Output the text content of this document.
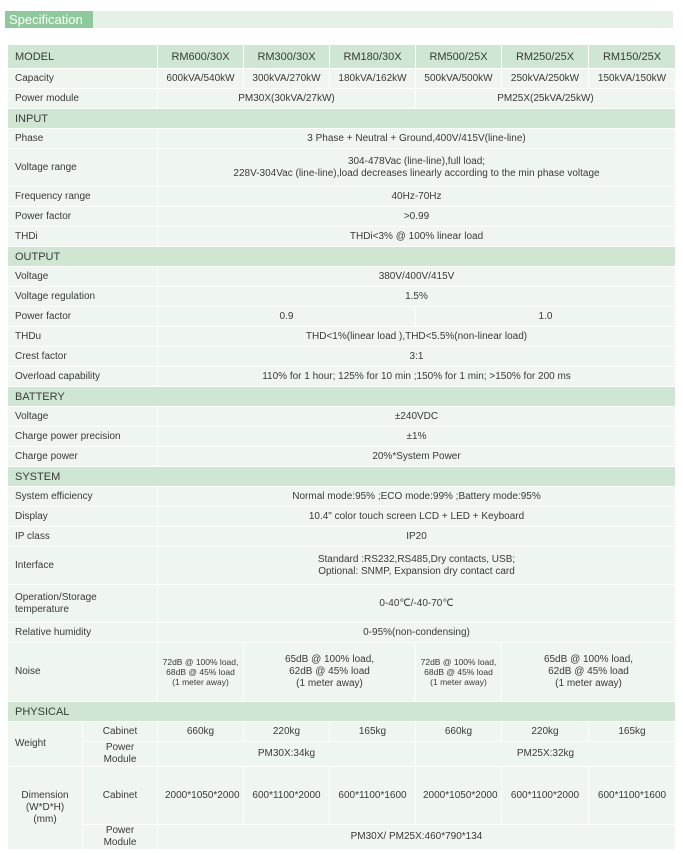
Specification
MODEL		RM600/30X	RM300/30X	RM180/30X	RM500/25X	RM250/25X	RM150/25X
Capacity		600kVA/540kW	300kVA/270kW	180kVA/162kW	500kVA/500kW	250kVA/250kW	150kVA/150kW
Power module		PM30X(30kVA/27kW)			PM25X(25kVA/25kW)		
INPUT							
Phase		3 Phase + Neutral + Ground,400V/415V(line-line)					
Voltage range		304-478Vac (line-line),full load;
228V-304Vac (line-line),load decreases linearly according to the min phase voltage					

Frequency range		40Hz-70Hz					
Power factor		>0.99					
THDi		THDi<3% @ 100% linear load					
OUTPUT							
Voltage		380V/400V/415V					
Voltage regulation		1.5%					
Power factor		0.9			1.0		
THDu		THD<1%(linear load ),THD<5.5%(non-linear load)					
Crest factor		3:1					
Overload capability		110% for 1 hour; 125% for 10 min ;150% for 1 min; >150% for 200 ms					
BATTERY							
Voltage		±240VDC					
Charge power precision		±1%					
Charge power		20%*System Power					
SYSTEM							
System efficiency		Normal mode:95% ;ECO mode:99% ;Battery mode:95%					
Display		10.4" color touch screen LCD + LED + Keyboard					
IP class		IP20					
Interface		Standard :RS232,RS485,Dry contacts, USB;
Optional: SNMP, Expansion dry contact card					

Operation/Storage
temperature		0-40℃/-40-70℃					
Relative humidity		0-95%(non-condensing)					
Noise		72dB @ 100% load,
68dB @ 45% load
(1 meter away)	65dB @ 100% load,
62dB @ 45% load
(1 meter away)		72dB @ 100% load,
68dB @ 45% load
(1 meter away)	65dB @ 100% load,
62dB @ 45% load
(1 meter away)	

PHYSICAL							
Weight	Cabinet	660kg	220kg	165kg	660kg	220kg	165kg
	Power Module	PM30X:34kg			PM25X:32kg		

Dimension
(W*D*H)
(mm)	Cabinet	2000*1050*2000	600*1100*2000	600*1100*1600	2000*1050*2000	600*1100*2000	600*1100*1600
	Power Module	PM30X/ PM25X:460*790*134					
